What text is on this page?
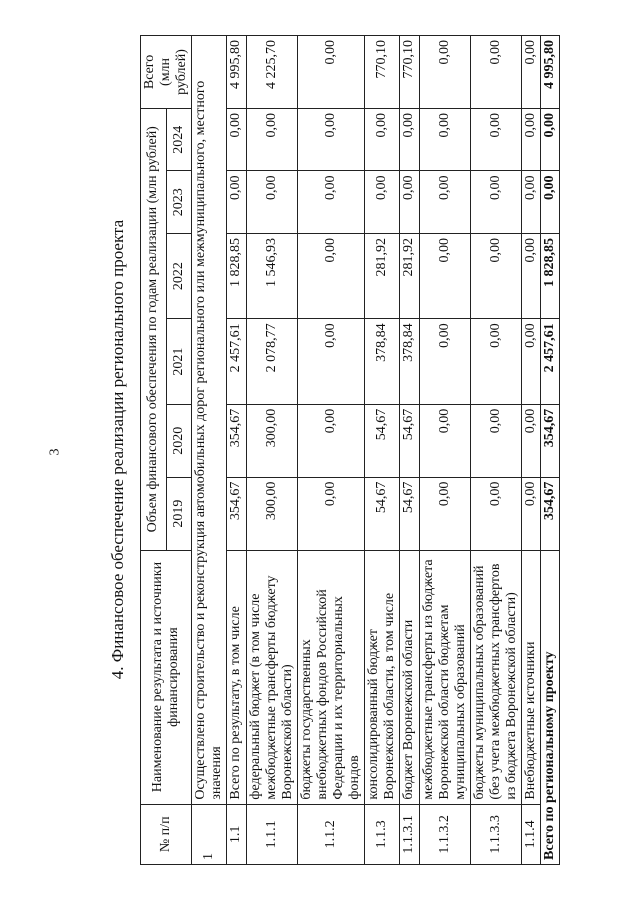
3	4. Финансовое обеспечение реализации регионального проекта
№ п/п	Наименование результата и источники финансирования	Объем финансового обеспечения по годам реализации (млн рублей)						Всего (млн рублей)
		2019	2020	2021	2022	2023	2024	
1	Осуществлено строительство и реконструкция автомобильных дорог регионального или межмуниципального, местного значения							
1.1	Всего по результату, в том числе	354,67	354,67	2 457,61	1 828,85	0,00	0,00	4 995,80
1.1.1	федеральный бюджет (в том числе межбюджетные трансферты бюджету Воронежской области)	300,00	300,00	2 078,77	1 546,93	0,00	0,00	4 225,70
1.1.2	бюджеты государственных внебюджетных фондов Российской Федерации и их территориальных фондов	0,00	0,00	0,00	0,00	0,00	0,00	0,00
1.1.3	консолидированный бюджет Воронежской области, в том числе	54,67	54,67	378,84	281,92	0,00	0,00	770,10
1.1.3.1	бюджет Воронежской области	54,67	54,67	378,84	281,92	0,00	0,00	770,10
1.1.3.2	межбюджетные трансферты из бюджета Воронежской области бюджетам муниципальных образований	0,00	0,00	0,00	0,00	0,00	0,00	0,00
1.1.3.3	бюджеты муниципальных образований (без учета межбюджетных трансфертов из бюджета Воронежской области)	0,00	0,00	0,00	0,00	0,00	0,00	0,00
1.1.4	Внебюджетные источники	0,00	0,00	0,00	0,00	0,00	0,00	0,00
Всего по региональному проекту		354,67	354,67	2 457,61	1 828,85	0,00	0,00	4 995,80
